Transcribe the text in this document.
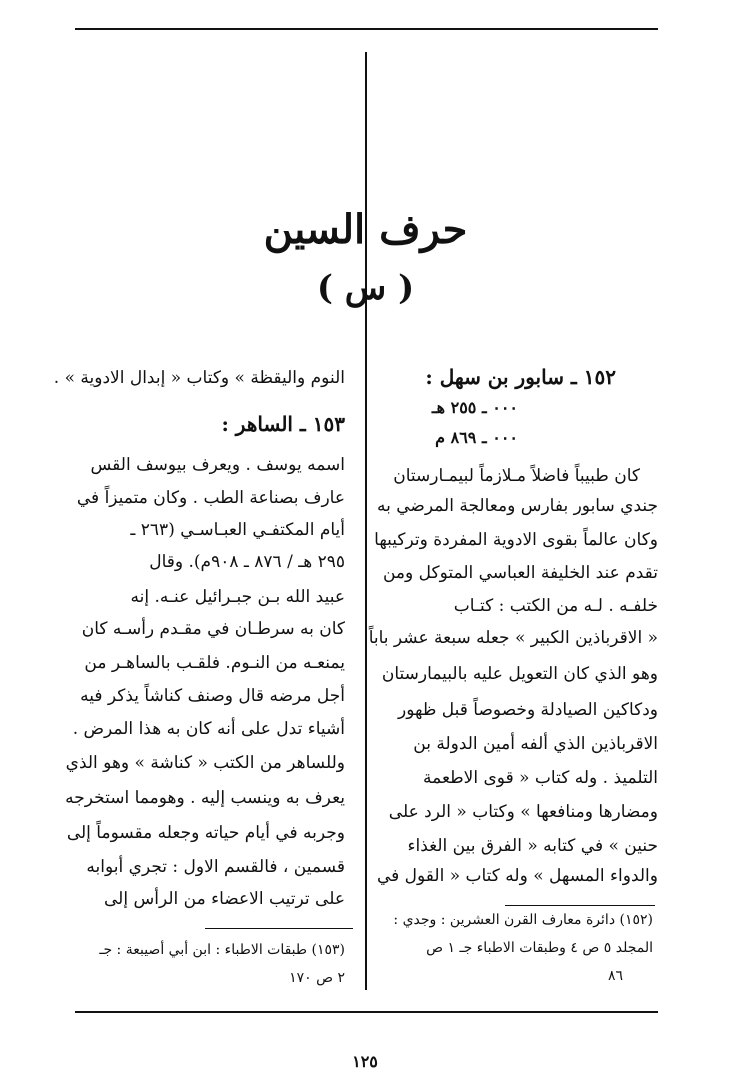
حرف السين
( س )
١٥٢ ـ سابور بن سهل :
٠٠٠ ـ ٢٥٥ هـ
٠٠٠ ـ ٨٦٩ م
كان طبيباً فاضلاً مـلازماً لبيمـارستان
جندي سابور بفارس ومعالجة المرضي به
وكان عالماً بقوى الادوية المفردة وتركيبها
تقدم عند الخليفة العباسي المتوكل ومن
خلفـه . لـه من الكتب : كتـاب
« الاقرباذين الكبير » جعله سبعة عشر باباً
وهو الذي كان التعويل عليه بالبيمارستان
ودكاكين الصيادلة وخصوصاً قبل ظهور
الاقرباذين الذي ألفه أمين الدولة بن
التلميذ . وله كتاب « قوى الاطعمة
ومضارها ومنافعها » وكتاب « الرد على
حنين » في كتابه « الفرق بين الغذاء
والدواء المسهل » وله كتاب « القول في
(١٥٢) دائرة معارف القرن العشرين : وجدي :
المجلد ٥ ص ٤ وطبقات الاطباء جـ ١ ص
٨٦
النوم واليقظة » وكتاب « إبدال الادوية » .
١٥٣ ـ الساهر :
اسمه يوسف . ويعرف بيوسف القس
عارف بصناعة الطب . وكان متميزاً في
أيام المكتفـي العبـاسـي (٢٦٣ ـ
٢٩٥ هـ / ٨٧٦ ـ ٩٠٨م). وقال
عبيد الله بـن جبـرائيل عنـه. إنه
كان به سرطـان في مقـدم رأسـه كان
يمنعـه من النـوم. فلقـب بالساهـر من
أجل مرضه قال وصنف كناشاً يذكر فيه
أشياء تدل على أنه كان به هذا المرض .
وللساهر من الكتب « كناشة » وهو الذي
يعرف به وينسب إليه . وهومما استخرجه
وجربه في أيام حياته وجعله مقسوماً إلى
قسمين ، فالقسم الاول : تجري أبوابه
على ترتيب الاعضاء من الرأس إلى
(١٥٣) طبقات الاطباء : ابن أبي أصيبعة : جـ
٢ ص ١٧٠
١٢٥
